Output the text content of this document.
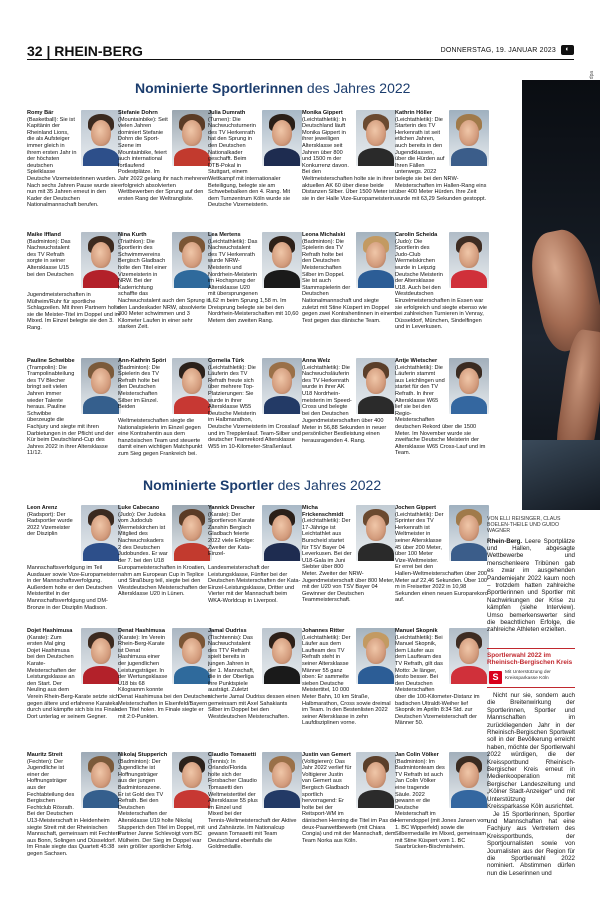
32 | RHEIN-BERG	DONNERSTAG, 19. JANUAR 2023	◐
Nominierte Sportlerinnen des Jahres 2022
Romy Bär (Basketball): Sie ist Kapitänin der Rheinland Lions, die als Aufsteiger immer gleich in ihrem ersten Jahr in der höchsten deutschen Spielklasse Deutsche Vizemeisterinnen wurden. Nach sechs Jahren Pause wurde sie nun mit 35 Jahren erneut in den Kader der Deutschen Nationalmannschaft berufen.
Stefanie Dohrn (Mountainbike): Seit vielen Jahren dominiert Stefanie Dohrn die Sport-Szene im Mountainbike, feiert auch international fortlaufend Podestplätze. Im Jahr 2022 gelang ihr nach mehreren erfolgreich absolvierten Wettbewerben der Sprung auf den ersten Rang der Weltrangliste.
Julia Dumrath (Turnen): Die Nachwuchsturnerin des TV Herkenrath hat den Sprung in den Deutschen Nationalkader geschafft. Beim DTB-Pokal in Stuttgart, einem Wettkampf mit internationaler Beteiligung, belegte sie am Schwebebalken den 4. Rang. Mit dem Turnzentrum Köln wurde sie Deutsche Vizemeisterin.
Monika Gippert (Leichtathletik): In Deutschland läuft Monika Gippert in ihrer jeweiligen Altersklasse seit Jahren über 800 und 1500 m der Konkurrenz davon. Bei den Weltmeisterschaften holte sie in ihrer aktuellen AK 60 über diese beide Distanzen Silber. Über 1500 Meter ist sie in der Halle Vize-Europameisterin.
Kathrin Höller (Leichtathletik): Die Starterin des TV Herkenrath ist seit etlichen Jahren, auch bereits in den Jugendklassen, über die Hürden auf Ihren Fällen unterwegs. 2022 belegte sie bei den NRW-Meisterschaften im Hallen-Rang eins über 400 Meter Hürden. Ihre Zeit wurde mit 63,29 Sekunden gestoppt.
Maike Iffland (Badminton): Das Nachwuchstalent des TV Refrath sorgte in seiner Altersklasse U15 bei den Deutschen Jugendmeisterschaften in Mülheim/Ruhr für sportliche Schlagzeilen. Mit ihren Partnern holte sie die Meister-Titel im Doppel und im Mixed. Im Einzel belegte sie den 3. Rang.
Nina Kurth (Triathlon): Die Sportlerin des Schwimmvereins Bergisch Gladbach holte den Titel einer Vizemeisterin in NRW. Bei der Kaderrichtung schaffte das Nachwuchstalent auch den Sprung in den Landeskader NRW, absolvierte 300 Meter schwimmen und 3 Kilometer Laufen in einer sehr starken Zeit.
Lea Mertens (Leichtathletik): Das Nachwuchstalent des TV Herkenrath wurde NRW-Meisterin und Nordrhein-Meisterin im Hochsprung der Altersklasse U20 mit übersprungenen 1,62 m beim Sprung 1,58 m. Im Dreisprung belegte sie bei den Nordrhein-Meisterschaften mit 10,60 Metern den zweiten Rang.
Leona Michalski (Badminton): Die Spielerin des TV Refrath holte bei den Deutschen Meisterschaften Silber im Doppel. Sie ist auch Stammspielerin der Deutschen Nationalmannschaft und siegte zuletzt mit Stine Küspert im Doppel gegen zwei Kontrahentinnen in einem Test gegen das dänische Team.
Carolin Scheida (Judo): Die Sportlerin des Judo-Club Wermelskirchen wurde in Leipzig Deutsche Meisterin der Altersklasse U18. Auch bei den Westdeutschen Einzelmeisterschaften in Essen war sie erfolgreich und siegte ebenso wie bei zahlreichen Turnieren in Venray, Düsseldorf, München, Sindelfingen und in Leverkusen.
Pauline Schwibbe (Trampolin): Die Trampolinabteilung des TV Blecher bringt seit vielen Jahren immer wieder Talente heraus. Pauline Schwibbe überzeugte die Fachjury und siegte mit ihren Darbietungen in der Pflicht und der Kür beim Deutschland-Cup des Jahres 2022 in ihrer Altersklasse 11/12.
Ann-Kathrin Spöri (Badminton): Die Spielerin des TV Refrath holte bei den Deutschen Meisterschaften Silber im Einzel. Beiden Weltmeisterschaften siegte die Nationalspielerin im Einzel gegen eine Kontrahentin aus dem französischen Team und steuerte damit einen wichtigen Matchpunkt zum Sieg gegen Frankreich bei.
Cornelia Türk (Leichtathletik): Die Läuferin des TV Refrath freute sich über mehrere Top-Platzierungen: Sie wurde in ihrer Altersklasse W55 Deutsche Meisterin im Halbmarathon, Deutsche Vizemeisterin im Crosslauf und im Trepplenlauf. Team-Silber und deutscher Teamrekord Altersklasse W55 im 10-Kilometer-Straßenlauf.
Anna Welz (Leichtathletik): Die Nachwuchsläuferin des TV Herkenrath wurde in ihrer AK U18 Nordrhein-meisterin im Speed-Cross und belegte bei den Deutschen Jugendmeisterschaften über 400 Meter in 56,88 Sekunden in neuer persönlicher Bestleistung einen herausragenden 4. Rang.
Antje Wietscher (Leichtathletik): Die Läuferin stammt aus Leichlingen und startet für den TV Refrath. In ihrer Altersklasse W65 lief sie bei den Regio-Meisterschaften deutschen Rekord über die 1500 Meter. Im November wurde sie zweifache Deutsche Meisterin der Altersklasse W65 Cross-Lauf und im Team.
Nominierte Sportler des Jahres 2022
Leon Arenz (Radsport): Der Radsportler wurde 2022 Vizemeister der Disziplin Mannschaftsverfolgung im Teil Ausdauer sowie Vize-Europameister in der Mannschaftsverfolgung. Außerdem holte er den Deutschen Meistertitel in der Mannschaftsverfolgung und DM-Bronze in der Disziplin Madison.
Luke Cabecano (Judo): Der Judoka vom Judoclub Wermelskirchen ist Mitglied des Nachwuchskaders 2 des Deutschen Judobundes. Er war der 7. bei den U18 Europameisterschaften in Kroatien, nahm am European Cup in Teplice und Straßburg teil, siegte bei den Westdeutschen Meisterschaften der Altersklasse U20 in Lünen.
Yannick Drescher (Karate): Der Sportlervon Karate Zanshin Bergisch Gladbach feierte 2022 viele Erfolge: Zweiter der Kata-Einzel-Landesmeisterschaft der Leistungsklasse, Fünfter bei der Deutschen Meisterschaften der Kata-Einzel-Leistungsklasse, Dritter und Vierter mit der Mannschaft beim WKA-Worldcup in Liverpool.
Micha Frickenschmidt (Leichtathletik): Der 17-Jährige ist Leichtathlet aus Burscheid startet für TSV Bayer 04 Leverkusen. Bei der U18-Gala im Juni Siebter über 800 Meter. Zweiter der NRW-Jugendmeisterschaft über 800 Meter, mit der U20 von TSV Bayer 04 Gewinner der Deutschen Teammeisterschaft.
Jochen Gippert (Leichtathletik): Der Sprinter des TV Herkenrath ist Weltmeister in seiner Altersklasse 45 über 200 Meter, über 100 Meter Vize-Weltmeister. Er errei bei den Hallen-Weltmeisterschaften über 200 Meter auf 22,46 Sekunden. Über 100 m in Freisetter 2022 in 10,98 Sekunden einen neuen Europarekord auf.
Dojet Hashimusa (Karate): Zum ersten Mal ging Dojet Hashimusa bei den Deutschen Karate-Meisterschaften der Leistungsklasse an den Start. Der Neuling aus dem Verein Rhein-Berg-Karate setzte sich gegen ältere und erfahrene Karateka durch und kämpfte sich bis ins Finale. Dort unterlag er seinem Gegner.
Denat Hashimusa (Karate): Im Verein Rhein-Berg-Karate ist Denat Hashimusa einer der jugendlichen Leistungsträger. In der Wertungsklasse U18 bis 68 Kilogramm konnte Denat Hashimusa bei den Deutschen Meisterschaften in Elsenfeld/Bayern den Titel holen. Im Finale siegte er mit 2:0-Punkten.
Jamal Oudriss (Tischtennis): Das Nachwuchstalent des TTV Refrath spielt bereits in jungen Jahren in der 1. Mannschaft, die in der Oberliga ihre Punktspiele austrägt. Zuletzt sicherte Jamal Oudriss dessen einen gemeinsam mit Axel Sahakiants Silber im Doppel bei den Westdeutschen Meisterschaften.
Johannes Ritter (Leichtathletik): Der Läufer aus dem Laufteam des TV Refrath steht in seiner Altersklasse Männer 55 ganz oben: Er sammelte sieben Deutsche Meistertitel, 10 000 Meter Bahn, 10 km Straße, Halbmarathon, Cross sowie dreimal im Team. In den Bestenlisten 2022 seiner Altersklasse in zehn Laufdisziplinen vorne.
Manuel Skopnik (Leichtathletik): Bei Manuel Skopnik, dem Läufer aus dem Laufteam des TV Refrath, gilt das Motto: Je länger, desto besser. Bei den Deutschen Meisterschaften über die 100-Kilometer-Distanz im badischen Ultraldt-Weiher lief Skopnik im Aprilin 8:34 Std. zur Deutschen Vizemeisterschaft der Männer 50.
Mauritz Streit (Fechten): Der Jugendliche ist einer der Hoffnungsträger aus der Fechtabteilung des Bergischen Fechtclub Rösrath. Bei der Deutschen U13-Meisterschaft in Heidenheim siegte Streit mit der Rheinischen Mannschaft, gemeinsam mit Fechtern aus Bonn, Solingen und Düsseldorf. Im Finale siegte das Quartett 45:38 gegen Sachsen.
Nikolaj Stupperich (Badminton): Der Jugendliche ist Hoffnungsträger aus der jungen Badmintonszene. Er ist Gold des TV Refrath. Bei den Deutschen Meisterschaften der Altersklasse U19 holte Nikolaj Stupperich den Titel im Doppel, mit Partner Janne Schlevoigt vom BC Mülheim. Der Sieg im Doppel war sein größter sportlicher Erfolg.
Claudio Tomasetti (Tennis): In Orlando/Florida holte sich der Forsbacher Claudio Tomasetti den Weltmeistertitel der Altersklasse 55 plus im Einzel und Mixed bei der Tennis-Weltmeisterschaft der Aktive und Zahnärzte. Im Nationalcup gewann Tomasetti mit Team Deutschland ebenfalls die Goldmedaille.
Justin van Gemert (Voltigieren): Das Jahr 2022 verlief für Voltigierer Justin van Gemert aus Bergisch Gladbach sportlich hervorragend: Er holte bei der Reitsport-WM im dänischen Herning die Titel im Pas de deux-Paarwettbewerb (mit Chiara Congia) und mit der Mannschaft, dem Team Norka aus Köln.
Jan Colin Völker (Badminton): Im Badmintonteam des TV Refrath ist auch Jan Colin Völker eine tragende Säule. 2022 gewann er die Deutsche Meisterschaft im Herrendoppel (mit Jones Jansen vom 1. BC Wipperfeld) sowie die Silbermedaille im Mixed, gemeinsam mit Stine Küspert vom 1. BC Saarbrücken-Bischmisheim.
VON ELLI REISINGER, CLAUS BOELEN-THEILE UND GUIDO WAGNER

Rhein-Berg. Leere Sportplätze und Hallen, abgesagte Wettbewerbe und menschenleere Tribünen gab es zwar im ausgehenden Pandemiejahr 2022 kaum noch – trotzdem hatten zahlreiche Sportlerinnen und Sportler mit Nachwirkungen der Krise zu kämpfen (siehe Interview). Umso bemerkenswerter sind die beachtlichen Erfolge, die zahlreiche Athleten erzielten.

Sportlerwahl 2022 im Rheinisch-Bergischen Kreis
S	Mit Unterstützung der Kreissparkasse Köln

Nicht nur sie, sondern auch die Breitenwirkung der Sportlerinnen, Sportler und Mannschaften im zurückliegenden Jahr in der Rheinisch-Bergischen Sportwelt soll in der Bevölkerung erreicht haben, möchte der Sportlerwahl 2022 würdigen, die der Kreissportbund Rheinisch-Bergischer Kreis erneut in Medienkooperation mit Bergischer Landeszeitung und „Kölner Stadt-Anzeiger“ und mit Unterstützung der Kreissparkasse Köln ausrichtet.

Je 15 Sportlerinnen, Sportler und Mannschaften hat eine Fachjury aus Vertretern des Kreissportbunds, der Sportjournalisten sowie von Journalisten aus der Region für die Sportlerwahl 2022 nominiert. Abstimmen dürfen nun die Leserinnen und
